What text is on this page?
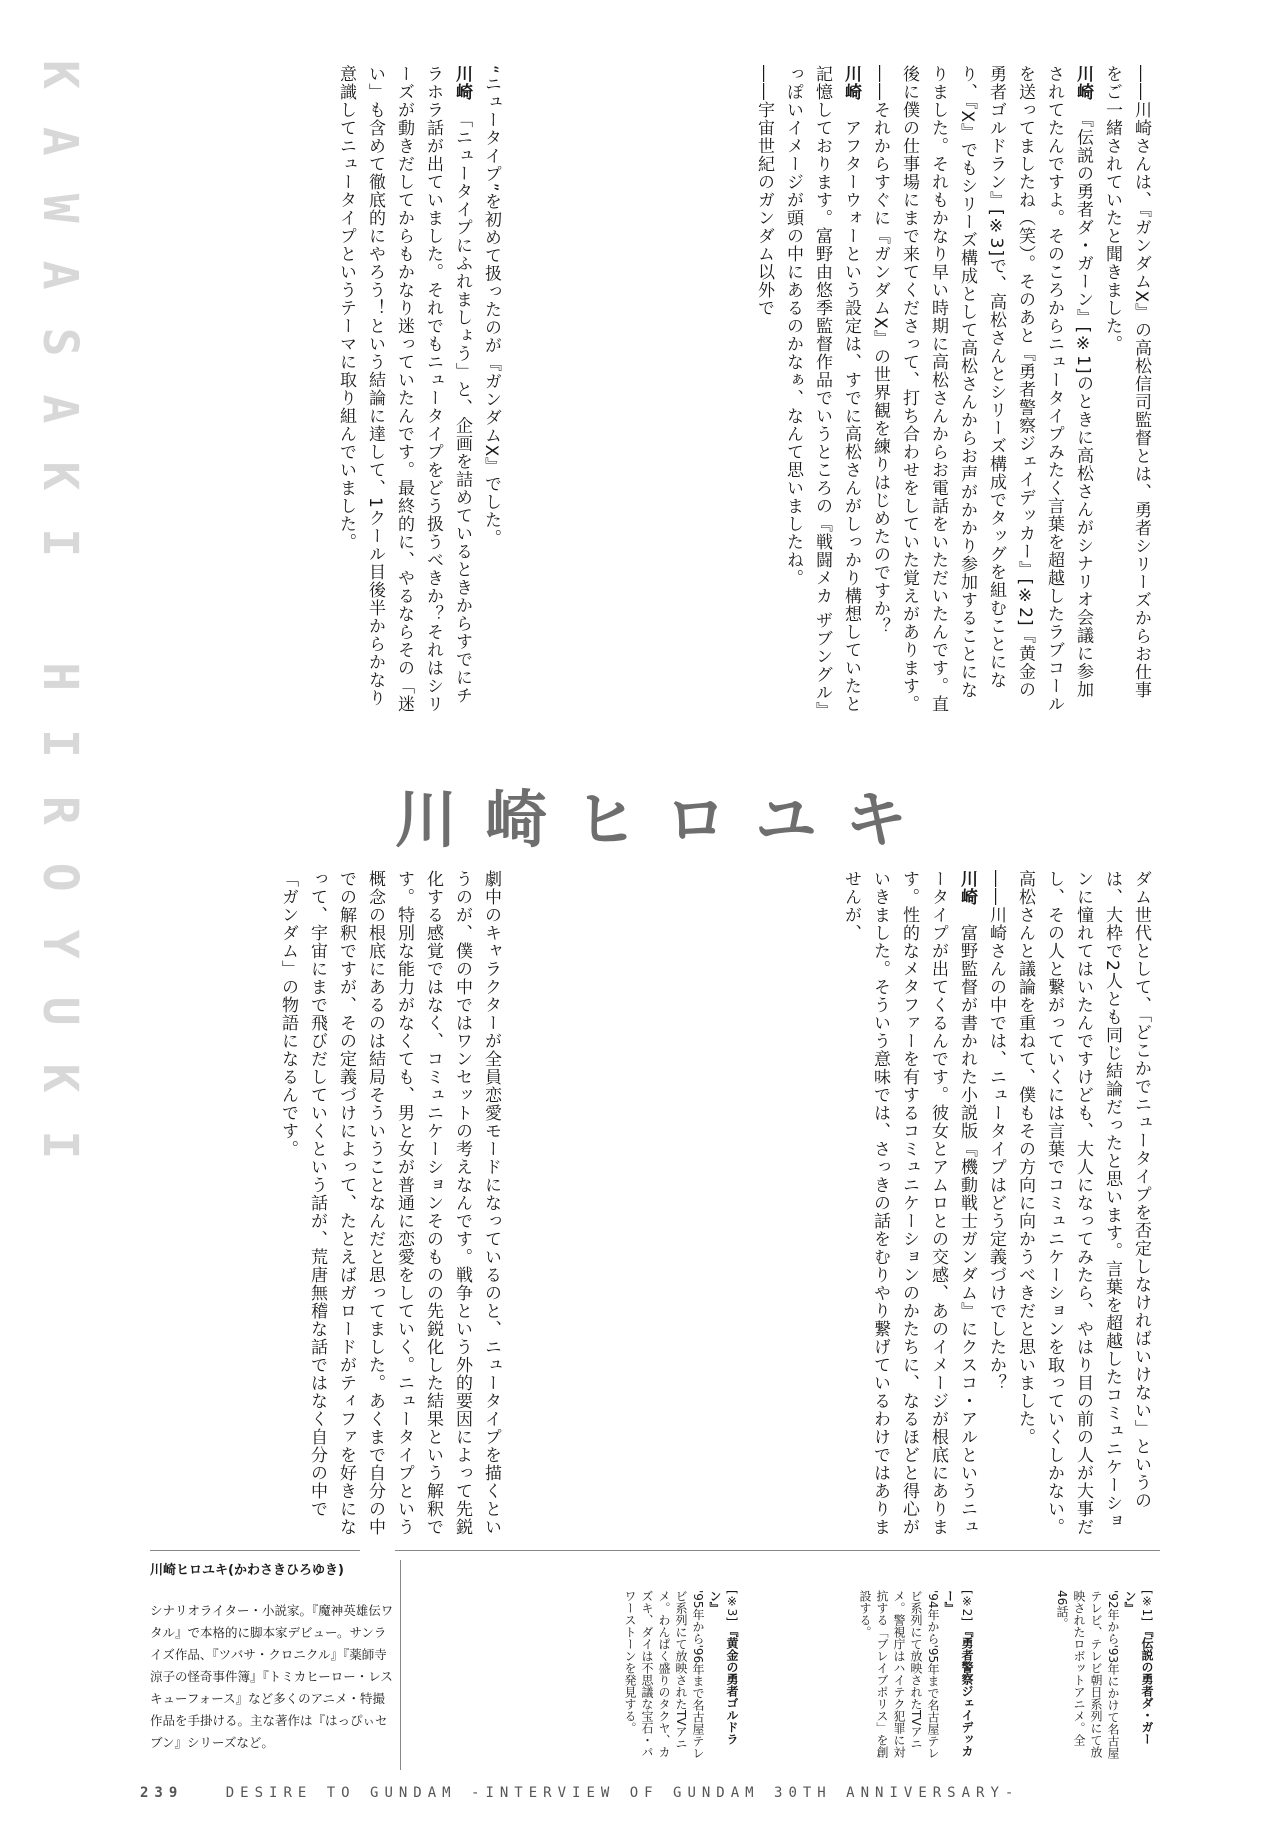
KAWASAKI HIROYUKI	――川崎さんは、『ガンダムX』の高松信司監督とは、勇者シリーズからお仕事をご一緒されていたと聞きました。

川崎　『伝説の勇者ダ・ガーン』[※1]のときに高松さんがシナリオ会議に参加されてたんですよ。そのころからニュータイプみたく言葉を超越したラブコールを送ってましたね（笑）。そのあと『勇者警察ジェイデッカー』[※2]『黄金の勇者ゴルドラン』[※3]で、高松さんとシリーズ構成でタッグを組むことになり、『X』でもシリーズ構成として高松さんからお声がかかり参加することになりました。それもかなり早い時期に高松さんからお電話をいただいたんです。直後に僕の仕事場にまで来てくださって、打ち合わせをしていた覚えがあります。

――それからすぐに『ガンダムX』の世界観を練りはじめたのですか？

川崎　アフターウォーという設定は、すでに高松さんがしっかり構想していたと記憶しております。富野由悠季監督作品でいうところの『戦闘メカ ザブングル』っぽいイメージが頭の中にあるのかなぁ、なんて思いましたね。

――宇宙世紀のガンダム以外で

“ニュータイプ”を初めて扱ったのが『ガンダムX』でした。

川崎　「ニュータイプにふれましょう」と、企画を詰めているときからすでにチラホラ話が出ていました。それでもニュータイプをどう扱うべきか？それはシリーズが動きだしてからもかなり迷っていたんです。最終的に、やるならその「迷い」も含めて徹底的にやろう！という結論に達して、1クール目後半からかなり意識してニュータイプというテーマに取り組んでいました。

川崎ヒロユキ

ダム世代として、「どこかでニュータイプを否定しなければいけない」というのは、大枠で2人とも同じ結論だったと思います。言葉を超越したコミュニケーションに憧れてはいたんですけども、大人になってみたら、やはり目の前の人が大事だし、その人と繋がっていくには言葉でコミュニケーションを取っていくしかない。高松さんと議論を重ねて、僕もその方向に向かうべきだと思いました。

――川崎さんの中では、ニュータイプはどう定義づけでしたか？

川崎　富野監督が書かれた小説版『機動戦士ガンダム』にクスコ・アルというニュータイプが出てくるんです。彼女とアムロとの交感、あのイメージが根底にあります。性的なメタファーを有するコミュニケーションのかたちに、なるほどと得心がいきました。そういう意味では、さっきの話をむりやり繋げているわけではありませんが、

劇中のキャラクターが全員恋愛モードになっているのと、ニュータイプを描くというのが、僕の中ではワンセットの考えなんです。戦争という外的要因によって先鋭化する感覚ではなく、コミュニケーションそのものの先鋭化した結果という解釈です。特別な能力がなくても、男と女が普通に恋愛をしていく。ニュータイプという概念の根底にあるのは結局そういうことなんだと思ってました。あくまで自分の中での解釈ですが、その定義づけによって、たとえばガロードがティファを好きになって、宇宙にまで飛びだしていくという話が、荒唐無稽な話ではなく自分の中で「ガンダム」の物語になるんです。

川崎ヒロユキ(かわさきひろゆき)
シナリオライター・小説家。『魔神英雄伝ワタル』で本格的に脚本家デビュー。サンライズ作品、『ツバサ・クロニクル』『薬師寺涼子の怪奇事件簿』『トミカヒーロー・レスキューフォース』など多くのアニメ・特撮作品を手掛ける。主な著作は『はっぴぃセブン』シリーズなど。
[※1] 『伝説の勇者ダ・ガーン』
'92年から'93年にかけて名古屋テレビ、テレビ朝日系列にて放映されたロボットアニメ。全46話。
[※2] 『勇者警察ジェイデッカー』
'94年から'95年まで名古屋テレビ系列にて放映されたTVアニメ。警視庁はハイテク犯罪に対抗する「ブレイブポリス」を創設する。
[※3] 『黄金の勇者ゴルドラン』
'95年から'96年まで名古屋テレビ系列にて放映されたTVアニメ。わんぱく盛りのタクヤ、カズキ、ダイは不思議な宝石・パワーストーンを発見する。
239	DESIRE TO GUNDAM -INTERVIEW OF GUNDAM 30TH ANNIVERSARY-
